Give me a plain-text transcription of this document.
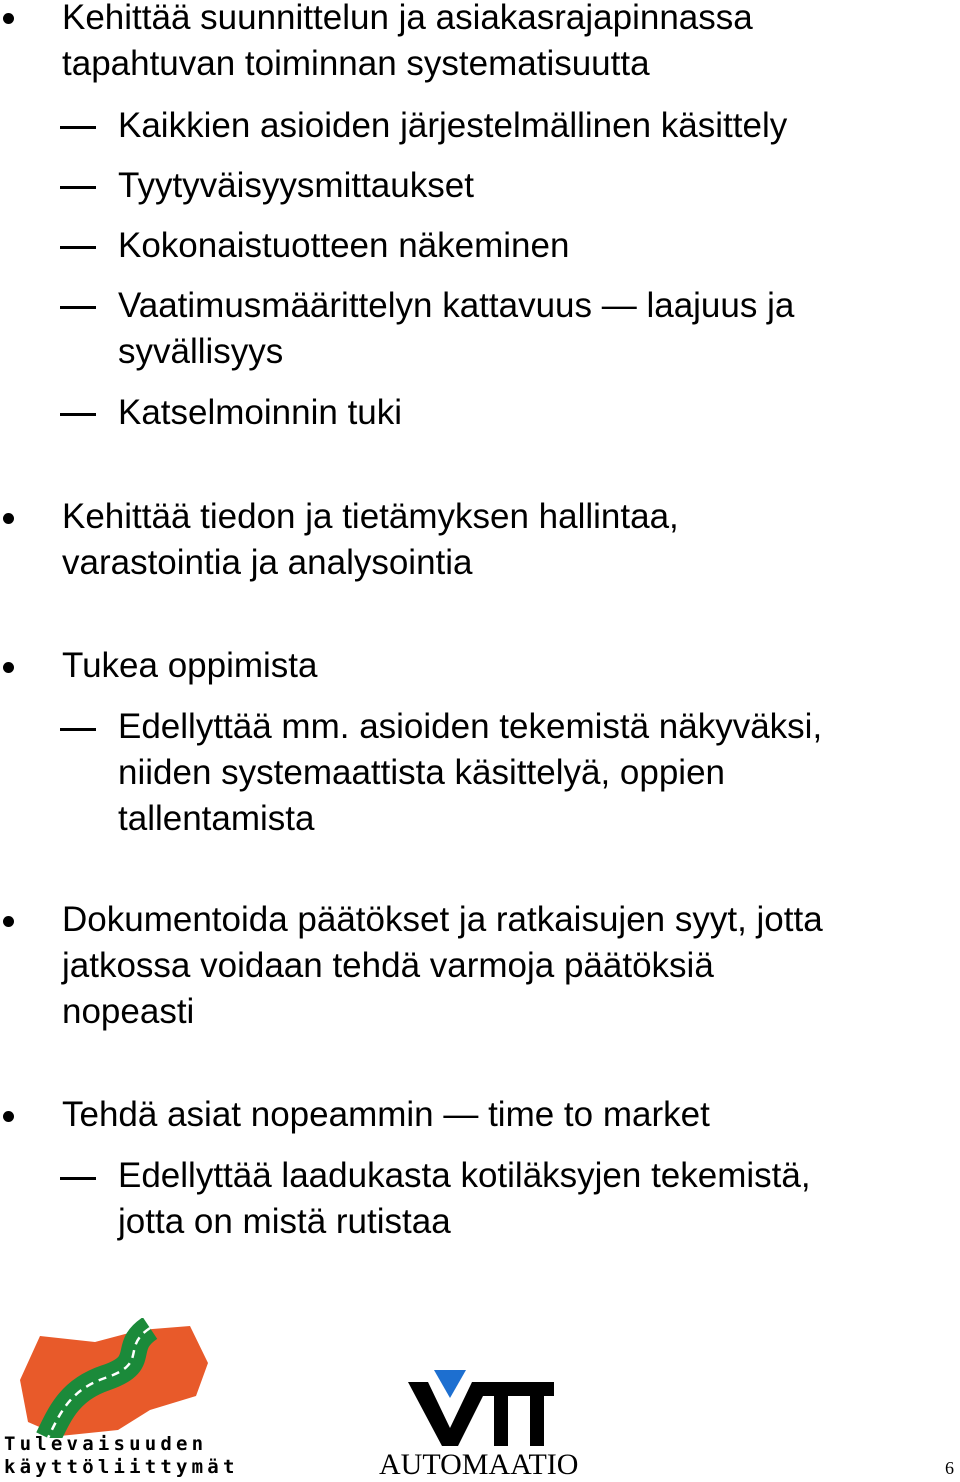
Kehittää suunnittelun ja asiakasrajapinnassa
tapahtuvan toiminnan systematisuutta
Kaikkien asioiden järjestelmällinen käsittely
Tyytyväisyysmittaukset
Kokonaistuotteen näkeminen
Vaatimusmäärittelyn kattavuus — laajuus ja
syvällisyys
Katselmoinnin tuki
Kehittää tiedon ja tietämyksen hallintaa,
varastointia ja analysointia
Tukea oppimista
Edellyttää mm. asioiden tekemistä näkyväksi,
niiden systemaattista käsittelyä, oppien
tallentamista
Dokumentoida päätökset ja ratkaisujen syyt, jotta
jatkossa voidaan tehdä varmoja päätöksiä
nopeasti
Tehdä asiat nopeammin — time to market
Edellyttää laadukasta kotiläksyjen tekemistä,
jotta on mistä rutistaa
Tulevaisuuden
käyttöliittymät	AUTOMAATIO	6
